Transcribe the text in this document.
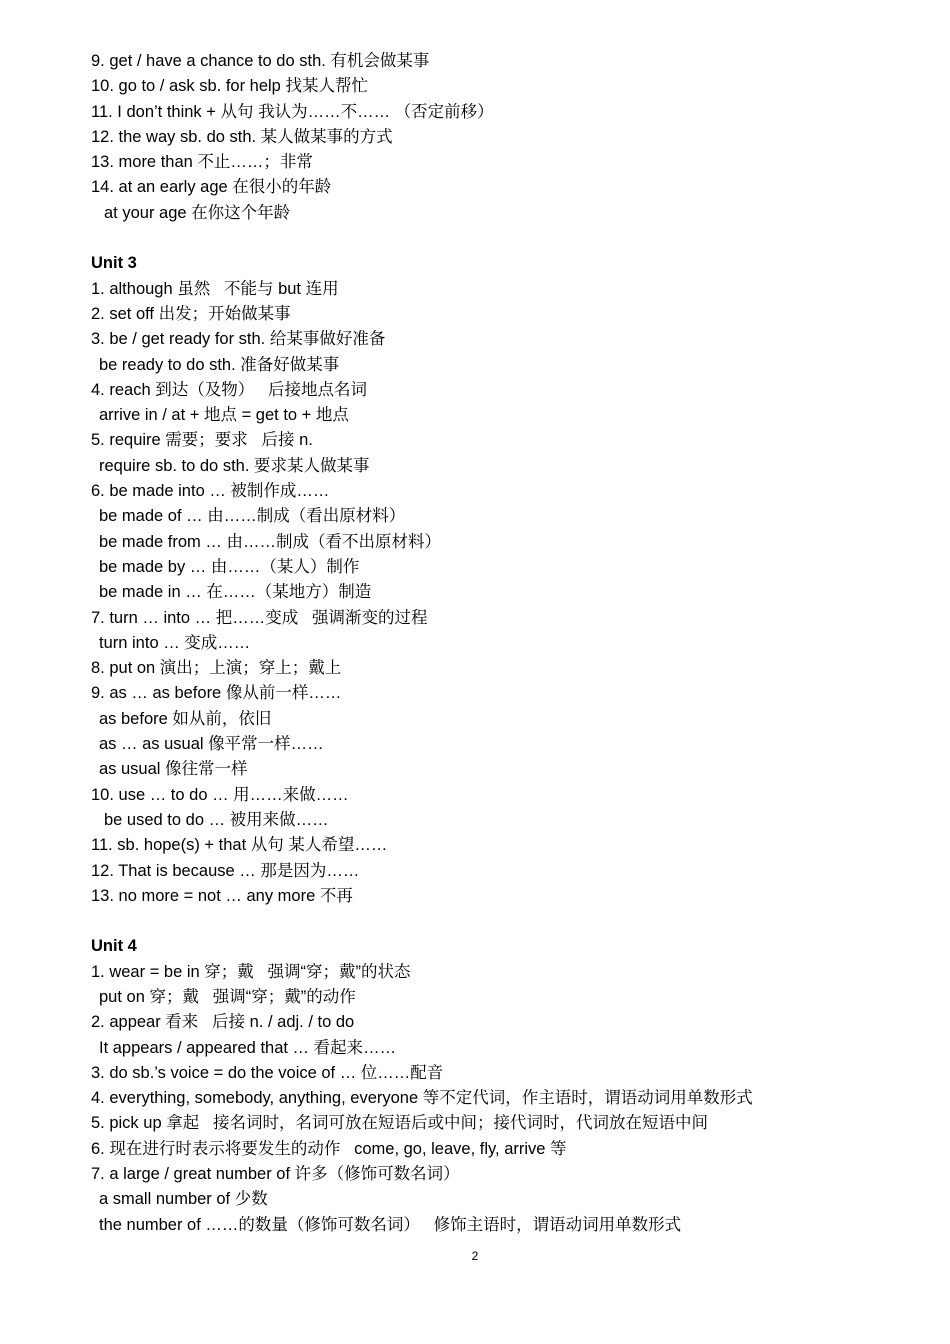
9. get / have a chance to do sth. 有机会做某事
10. go to / ask sb. for help 找某人帮忙
11. I don’t think + 从句 我认为……不…… （否定前移）
12. the way sb. do sth. 某人做某事的方式
13. more than 不止……；非常
14. at an early age 在很小的年龄
at your age 在你这个年龄
Unit 3
1. although 虽然   不能与 but 连用
2. set off 出发；开始做某事
3. be / get ready for sth. 给某事做好准备
be ready to do sth. 准备好做某事
4. reach 到达（及物）   后接地点名词
arrive in / at + 地点 = get to + 地点
5. require 需要；要求   后接 n.
require sb. to do sth. 要求某人做某事
6. be made into … 被制作成……
be made of … 由……制成（看出原材料）
be made from … 由……制成（看不出原材料）
be made by … 由……（某人）制作
be made in … 在……（某地方）制造
7. turn … into … 把……变成   强调渐变的过程
turn into … 变成……
8. put on 演出；上演；穿上；戴上
9. as … as before 像从前一样……
as before 如从前，依旧
as … as usual 像平常一样……
as usual 像往常一样
10. use … to do … 用……来做……
be used to do … 被用来做……
11. sb. hope(s) + that 从句 某人希望……
12. That is because … 那是因为……
13. no more = not … any more 不再
Unit 4
1. wear = be in 穿；戴   强调“穿；戴”的状态
put on 穿；戴   强调“穿；戴”的动作
2. appear 看来   后接 n. / adj. / to do
It appears / appeared that … 看起来……
3. do sb.’s voice = do the voice of … 位……配音
4. everything, somebody, anything, everyone 等不定代词，作主语时，谓语动词用单数形式
5. pick up 拿起   接名词时，名词可放在短语后或中间；接代词时，代词放在短语中间
6. 现在进行时表示将要发生的动作   come, go, leave, fly, arrive 等
7. a large / great number of 许多（修饰可数名词）
a small number of 少数
the number of ……的数量（修饰可数名词）   修饰主语时，谓语动词用单数形式
2
